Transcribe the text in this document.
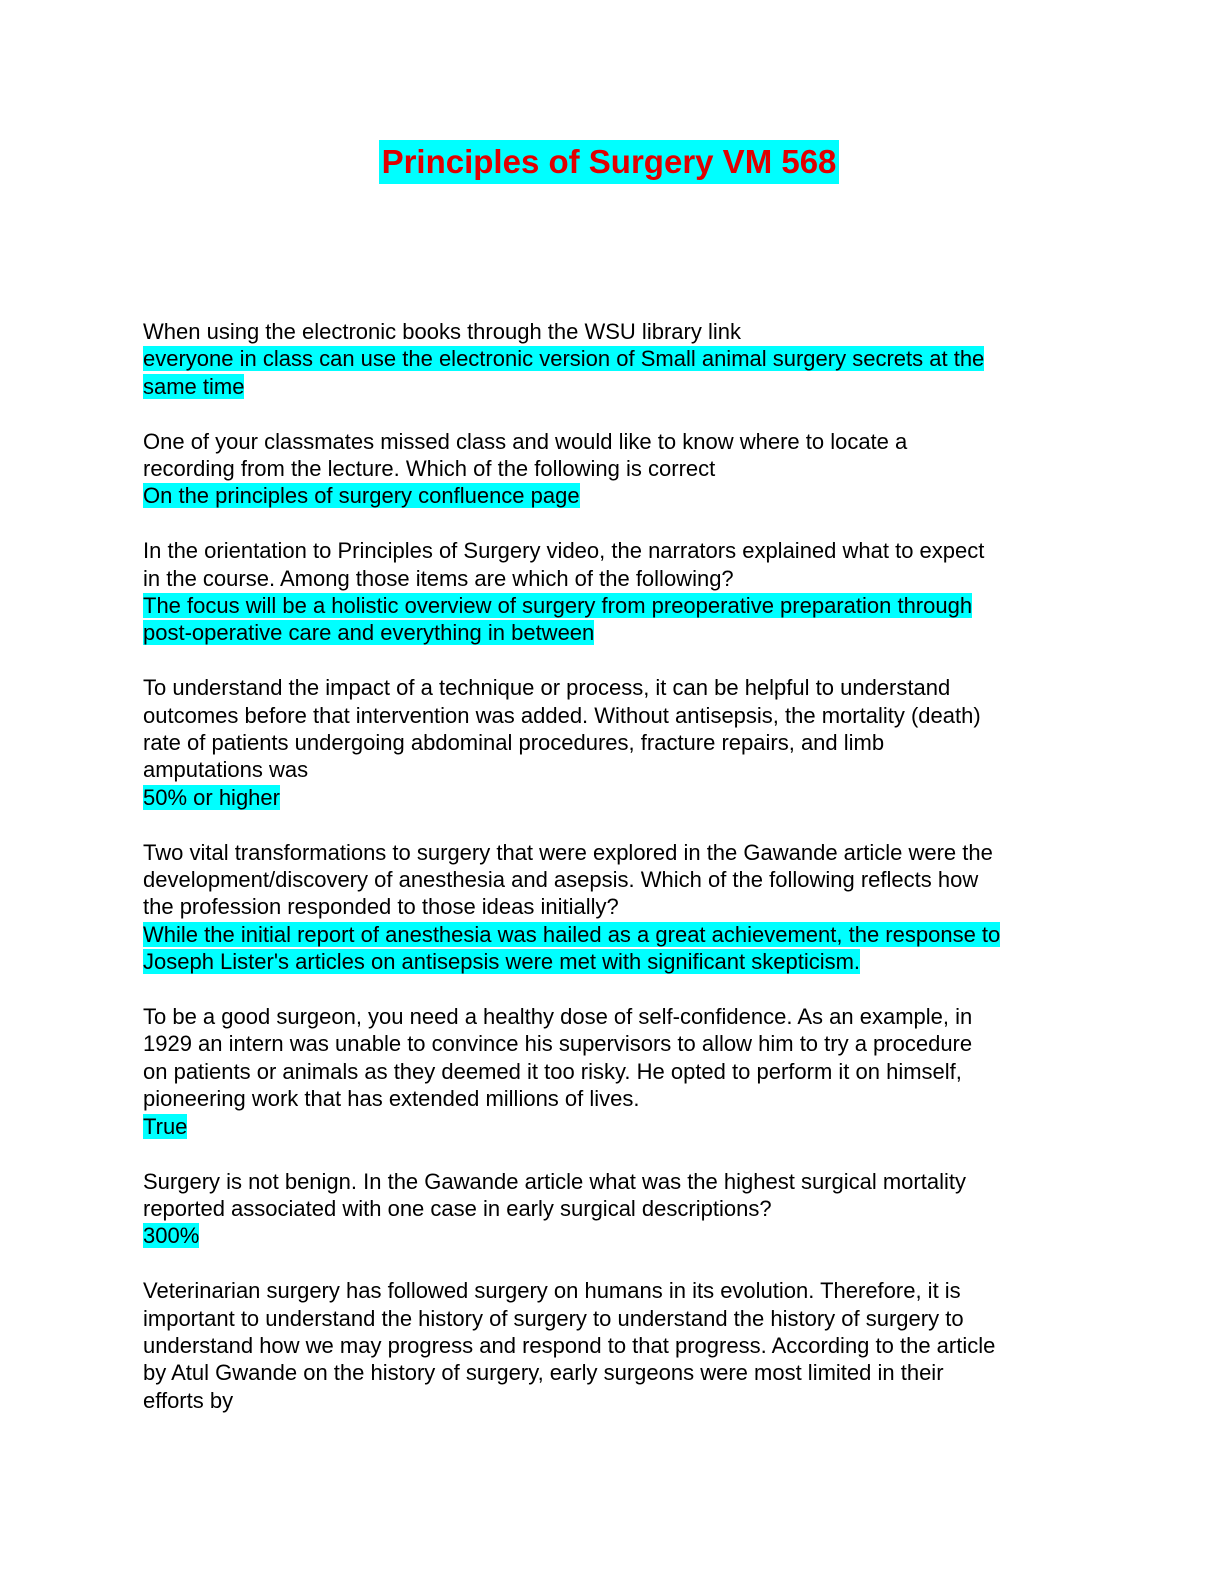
Principles of Surgery VM 568
When using the electronic books through the WSU library link
everyone in class can use the electronic version of Small animal surgery secrets at the
same time
One of your classmates missed class and would like to know where to locate a
recording from the lecture. Which of the following is correct
On the principles of surgery confluence page
In the orientation to Principles of Surgery video, the narrators explained what to expect
in the course. Among those items are which of the following?
The focus will be a holistic overview of surgery from preoperative preparation through
post-operative care and everything in between
To understand the impact of a technique or process, it can be helpful to understand
outcomes before that intervention was added. Without antisepsis, the mortality (death)
rate of patients undergoing abdominal procedures, fracture repairs, and limb
amputations was
50% or higher
Two vital transformations to surgery that were explored in the Gawande article were the
development/discovery of anesthesia and asepsis. Which of the following reflects how
the profession responded to those ideas initially?
While the initial report of anesthesia was hailed as a great achievement, the response to
Joseph Lister's articles on antisepsis were met with significant skepticism.
To be a good surgeon, you need a healthy dose of self-confidence. As an example, in
1929 an intern was unable to convince his supervisors to allow him to try a procedure
on patients or animals as they deemed it too risky. He opted to perform it on himself,
pioneering work that has extended millions of lives.
True
Surgery is not benign. In the Gawande article what was the highest surgical mortality
reported associated with one case in early surgical descriptions?
300%
Veterinarian surgery has followed surgery on humans in its evolution. Therefore, it is
important to understand the history of surgery to understand the history of surgery to
understand how we may progress and respond to that progress. According to the article
by Atul Gwande on the history of surgery, early surgeons were most limited in their
efforts by
